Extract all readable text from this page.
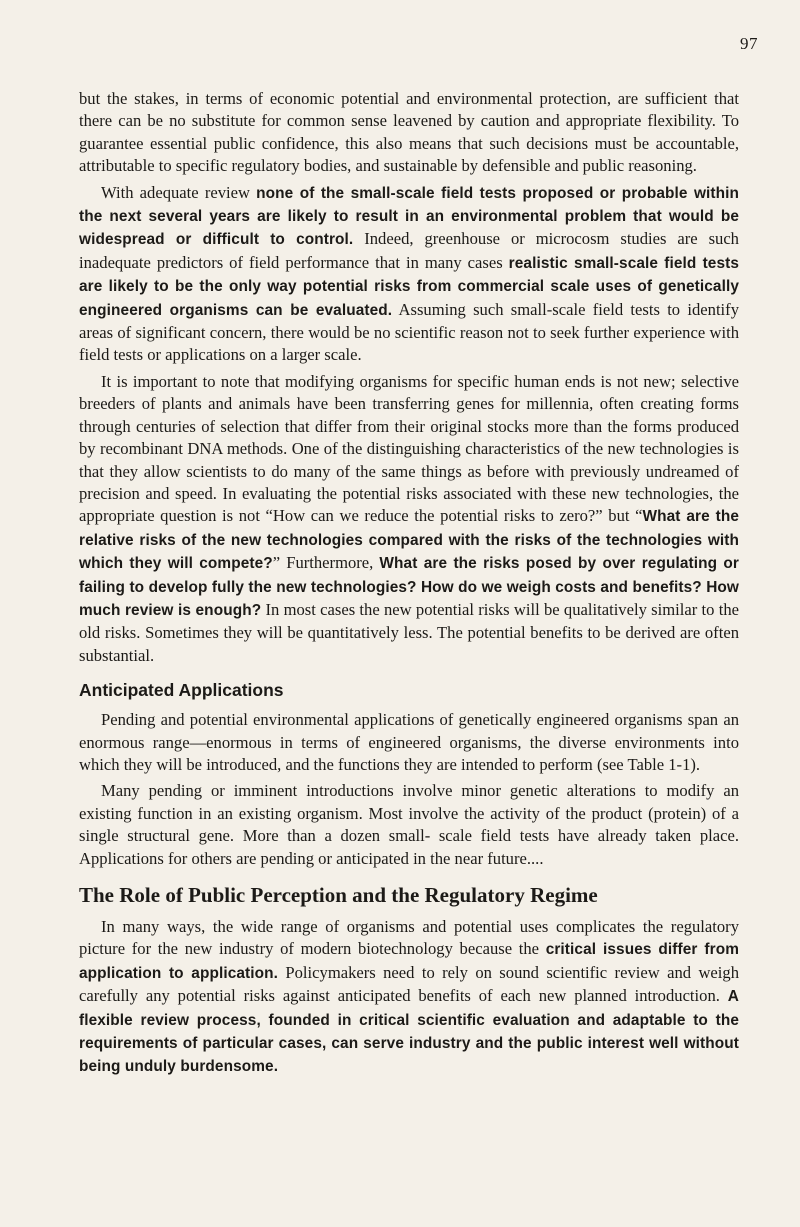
97

but the stakes, in terms of economic potential and environmental protection, are sufficient that there can be no substitute for common sense leavened by caution and appropriate flexibility. To guarantee essential public confidence, this also means that such decisions must be accountable, attributable to specific regulatory bodies, and sustainable by defensible and public reasoning.

With adequate review none of the small-scale field tests proposed or probable within the next several years are likely to result in an environmental problem that would be widespread or difficult to control. Indeed, greenhouse or microcosm studies are such inadequate predictors of field performance that in many cases realistic small-scale field tests are likely to be the only way potential risks from commercial scale uses of genetically engineered organisms can be evaluated. Assuming such small-scale field tests to identify areas of significant concern, there would be no scientific reason not to seek further experience with field tests or applications on a larger scale.

It is important to note that modifying organisms for specific human ends is not new; selective breeders of plants and animals have been transferring genes for millennia, often creating forms through centuries of selection that differ from their original stocks more than the forms produced by recombinant DNA methods. One of the distinguishing characteristics of the new technologies is that they allow scientists to do many of the same things as before with previously undreamed of precision and speed. In evaluating the potential risks associated with these new technologies, the appropriate question is not “How can we reduce the potential risks to zero?” but “What are the relative risks of the new technologies compared with the risks of the technologies with which they will compete?” Furthermore, What are the risks posed by over regulating or failing to develop fully the new technologies? How do we weigh costs and benefits? How much review is enough? In most cases the new potential risks will be qualitatively similar to the old risks. Sometimes they will be quantitatively less. The potential benefits to be derived are often substantial.

Anticipated Applications

Pending and potential environmental applications of genetically engineered organisms span an enormous range—enormous in terms of engineered organisms, the diverse environments into which they will be introduced, and the functions they are intended to perform (see Table 1-1).

Many pending or imminent introductions involve minor genetic alterations to modify an existing function in an existing organism. Most involve the activity of the product (protein) of a single structural gene. More than a dozen small- scale field tests have already taken place. Applications for others are pending or anticipated in the near future....

The Role of Public Perception and the Regulatory Regime

In many ways, the wide range of organisms and potential uses complicates the regulatory picture for the new industry of modern biotechnology because the critical issues differ from application to application. Policymakers need to rely on sound scientific review and weigh carefully any potential risks against anticipated benefits of each new planned introduction. A flexible review process, founded in critical scientific evaluation and adaptable to the requirements of particular cases, can serve industry and the public interest well without being unduly burdensome.
